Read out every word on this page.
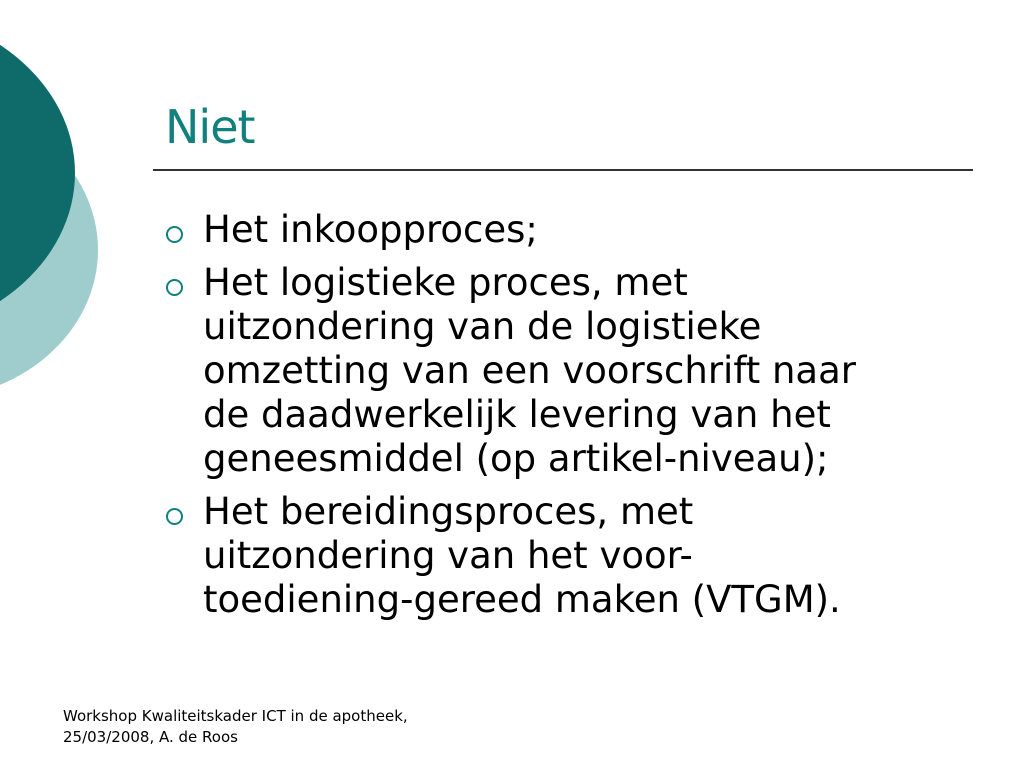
Niet
Het inkoopproces;
Het logistieke proces, met
uitzondering van de logistieke
omzetting van een voorschrift naar
de daadwerkelijk levering van het
geneesmiddel (op artikel-niveau);
Het bereidingsproces, met
uitzondering van het voor-
toediening-gereed maken (VTGM).
Workshop Kwaliteitskader ICT in de apotheek,
25/03/2008, A. de Roos
